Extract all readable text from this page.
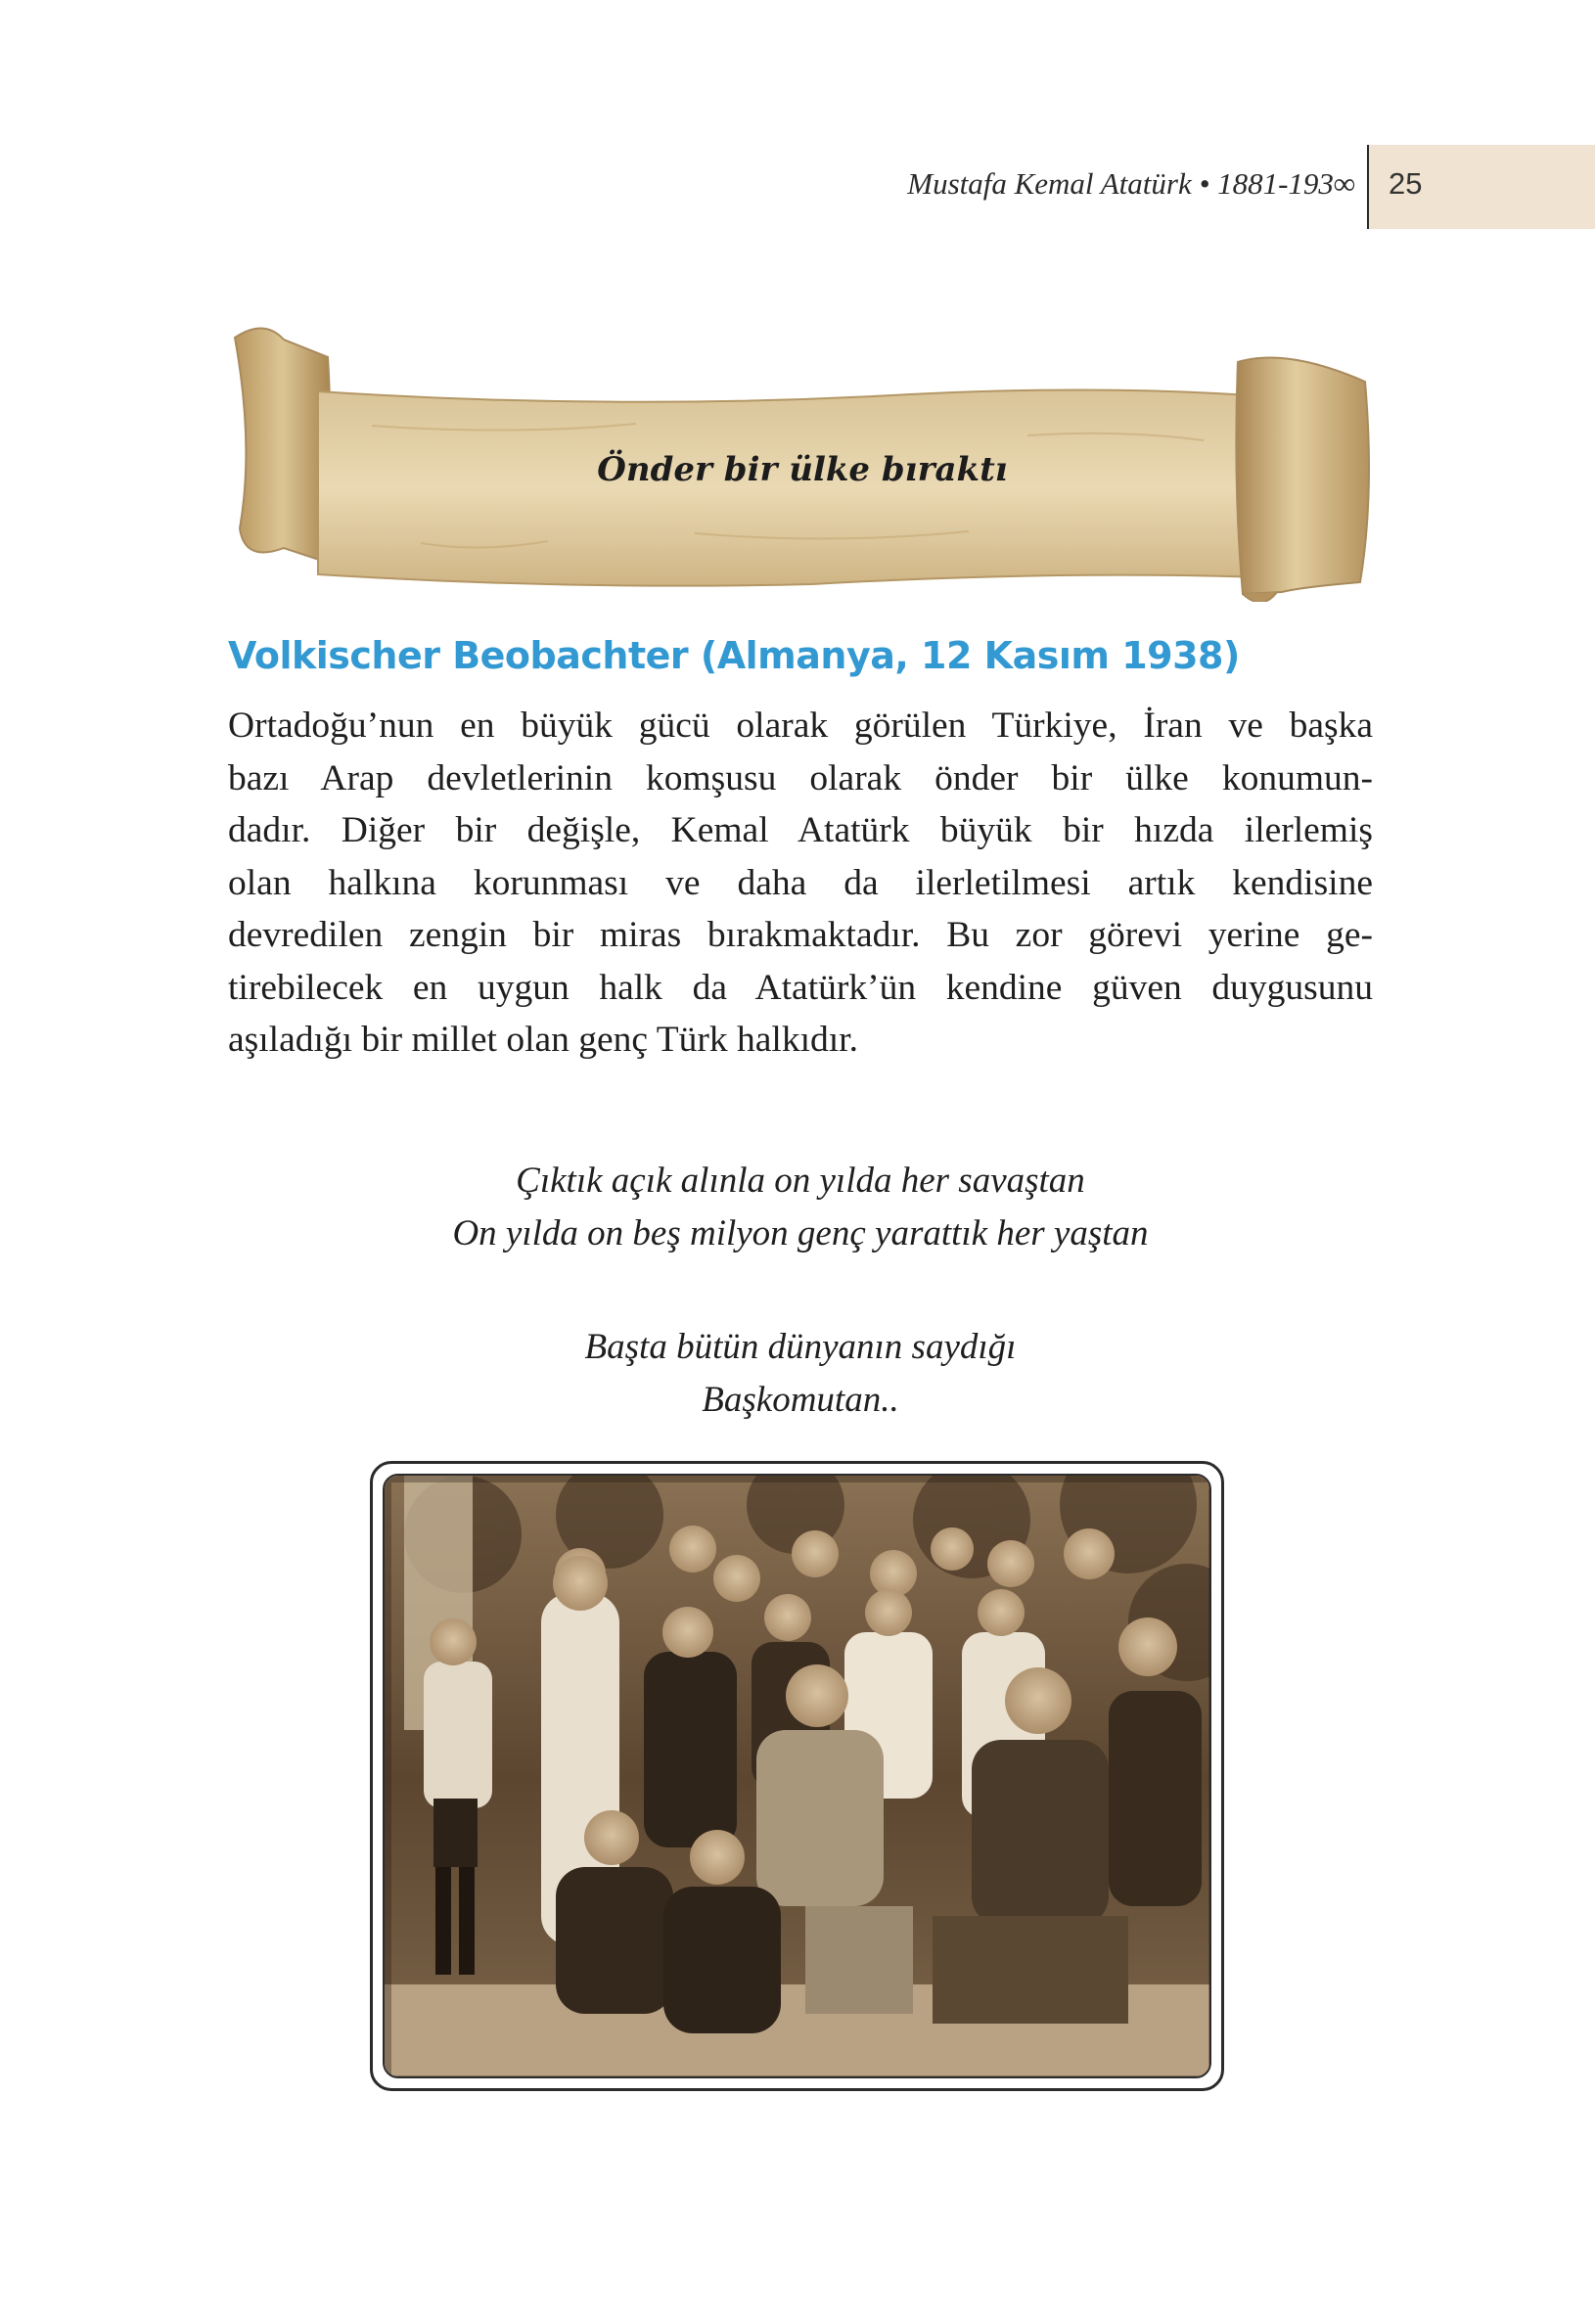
Mustafa Kemal Atatürk • 1881-193∞ 25
Önder bir ülke bıraktı
Volkischer Beobachter (Almanya, 12 Kasım 1938)
Ortadoğu’nun en büyük gücü olarak görülen Türkiye, İran ve başka
bazı Arap devletlerinin komşusu olarak önder bir ülke konumun-
dadır. Diğer bir değişle, Kemal Atatürk büyük bir hızda ilerlemiş
olan halkına korunması ve daha da ilerletilmesi artık kendisine
devredilen zengin bir miras bırakmaktadır. Bu zor görevi yerine ge-
tirebilecek en uygun halk da Atatürk’ün kendine güven duygusunu
aşıladığı bir millet olan genç Türk halkıdır.
Çıktık açık alınla on yılda her savaştan
On yılda on beş milyon genç yarattık her yaştan
Başta bütün dünyanın saydığı
Başkomutan..
